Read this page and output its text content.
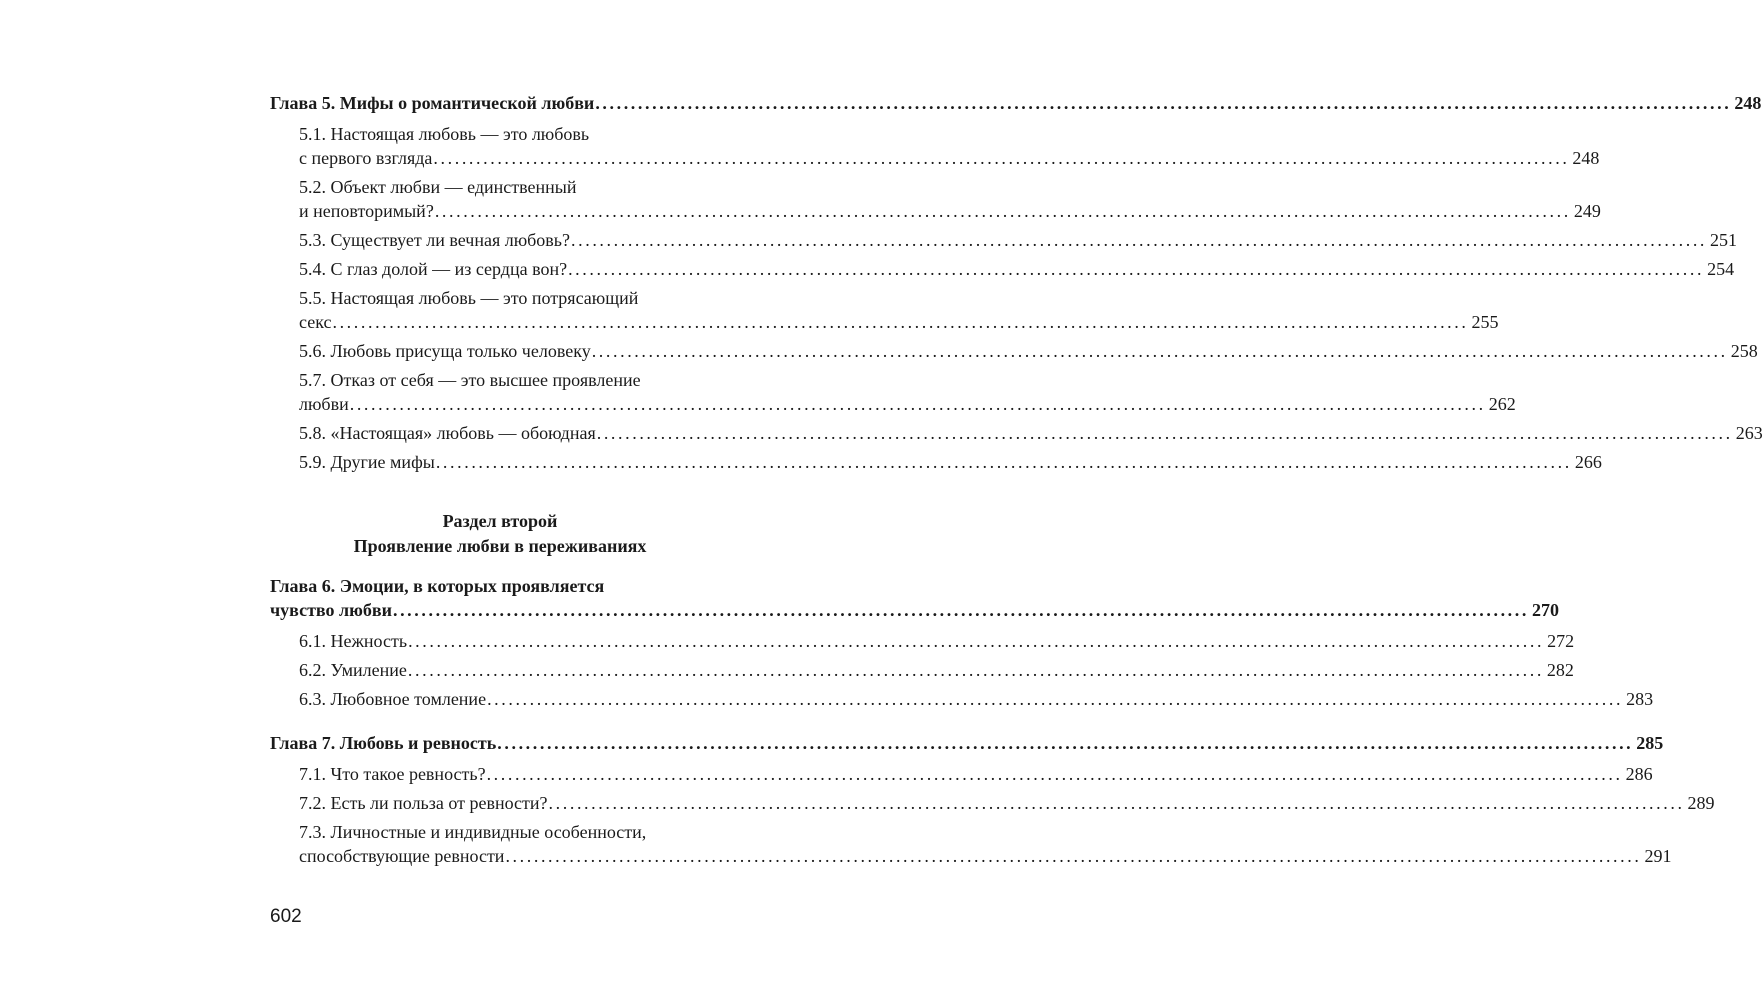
Глава 5. Мифы о романтической любви ................................................................................................................................................................ 248
5.1. Настоящая любовь — это любовь
с первого взгляда ................................................................................................................................................................ 248
5.2. Объект любви — единственный
и неповторимый? ................................................................................................................................................................ 249
5.3. Существует ли вечная любовь? ................................................................................................................................................................ 251
5.4. С глаз долой — из сердца вон? ................................................................................................................................................................ 254
5.5. Настоящая любовь — это потрясающий
секс ................................................................................................................................................................ 255
5.6. Любовь присуща только человеку ................................................................................................................................................................ 258
5.7. Отказ от себя — это высшее проявление
любви ................................................................................................................................................................ 262
5.8. «Настоящая» любовь — обоюдная ................................................................................................................................................................ 263
5.9. Другие мифы ................................................................................................................................................................ 266
Глава 6. Эмоции, в которых проявляется
чувство любви ................................................................................................................................................................ 270
6.1. Нежность ................................................................................................................................................................ 272
6.2. Умиление ................................................................................................................................................................ 282
6.3. Любовное томление ................................................................................................................................................................ 283
Глава 7. Любовь и ревность ................................................................................................................................................................ 285
7.1. Что такое ревность? ................................................................................................................................................................ 286
7.2. Есть ли польза от ревности? ................................................................................................................................................................ 289
7.3. Личностные и индивидные особенности,
способствующие ревности ................................................................................................................................................................ 291
Раздел второй
Проявление любви в переживаниях
602
